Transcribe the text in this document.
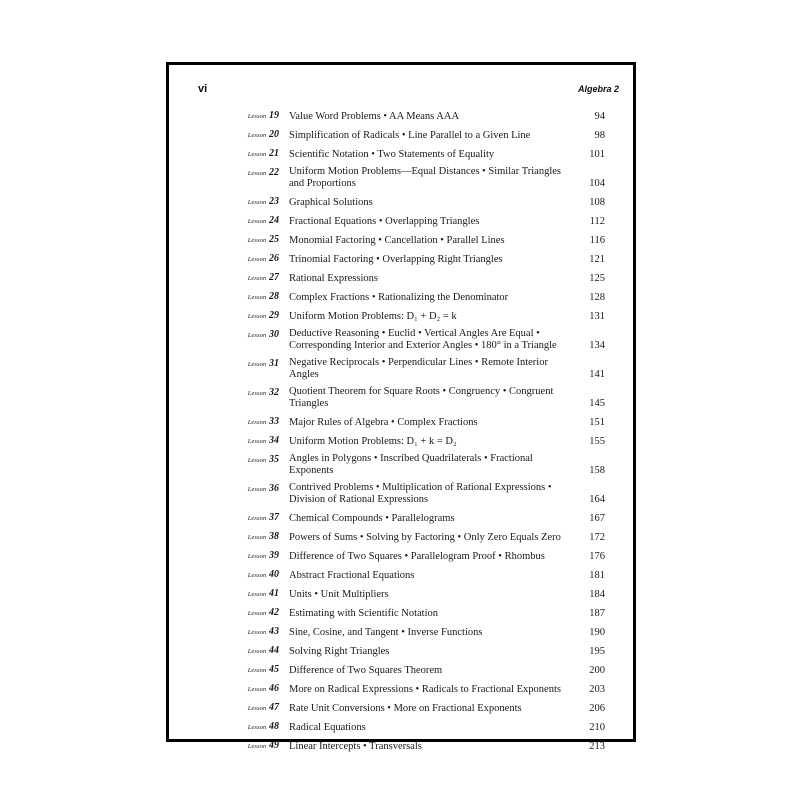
vi	Algebra 2
Lesson 19 Value Word Problems • AA Means AAA	94
Lesson 20 Simplification of Radicals • Line Parallel to a Given Line	98
Lesson 21 Scientific Notation • Two Statements of Equality	101
Lesson 22 Uniform Motion Problems—Equal Distances • Similar Triangles and Proportions	104
Lesson 23 Graphical Solutions	108
Lesson 24 Fractional Equations • Overlapping Triangles	112
Lesson 25 Monomial Factoring • Cancellation • Parallel Lines	116
Lesson 26 Trinomial Factoring • Overlapping Right Triangles	121
Lesson 27 Rational Expressions	125
Lesson 28 Complex Fractions • Rationalizing the Denominator	128
Lesson 29 Uniform Motion Problems: D₁ + D₂ = k	131
Lesson 30 Deductive Reasoning • Euclid • Vertical Angles Are Equal • Corresponding Interior and Exterior Angles • 180° in a Triangle	134
Lesson 31 Negative Reciprocals • Perpendicular Lines • Remote Interior Angles	141
Lesson 32 Quotient Theorem for Square Roots • Congruency • Congruent Triangles	145
Lesson 33 Major Rules of Algebra • Complex Fractions	151
Lesson 34 Uniform Motion Problems: D₁ + k = D₂	155
Lesson 35 Angles in Polygons • Inscribed Quadrilaterals • Fractional Exponents	158
Lesson 36 Contrived Problems • Multiplication of Rational Expressions • Division of Rational Expressions	164
Lesson 37 Chemical Compounds • Parallelograms	167
Lesson 38 Powers of Sums • Solving by Factoring • Only Zero Equals Zero	172
Lesson 39 Difference of Two Squares • Parallelogram Proof • Rhombus	176
Lesson 40 Abstract Fractional Equations	181
Lesson 41 Units • Unit Multipliers	184
Lesson 42 Estimating with Scientific Notation	187
Lesson 43 Sine, Cosine, and Tangent • Inverse Functions	190
Lesson 44 Solving Right Triangles	195
Lesson 45 Difference of Two Squares Theorem	200
Lesson 46 More on Radical Expressions • Radicals to Fractional Exponents	203
Lesson 47 Rate Unit Conversions • More on Fractional Exponents	206
Lesson 48 Radical Equations	210
Lesson 49 Linear Intercepts • Transversals	213
